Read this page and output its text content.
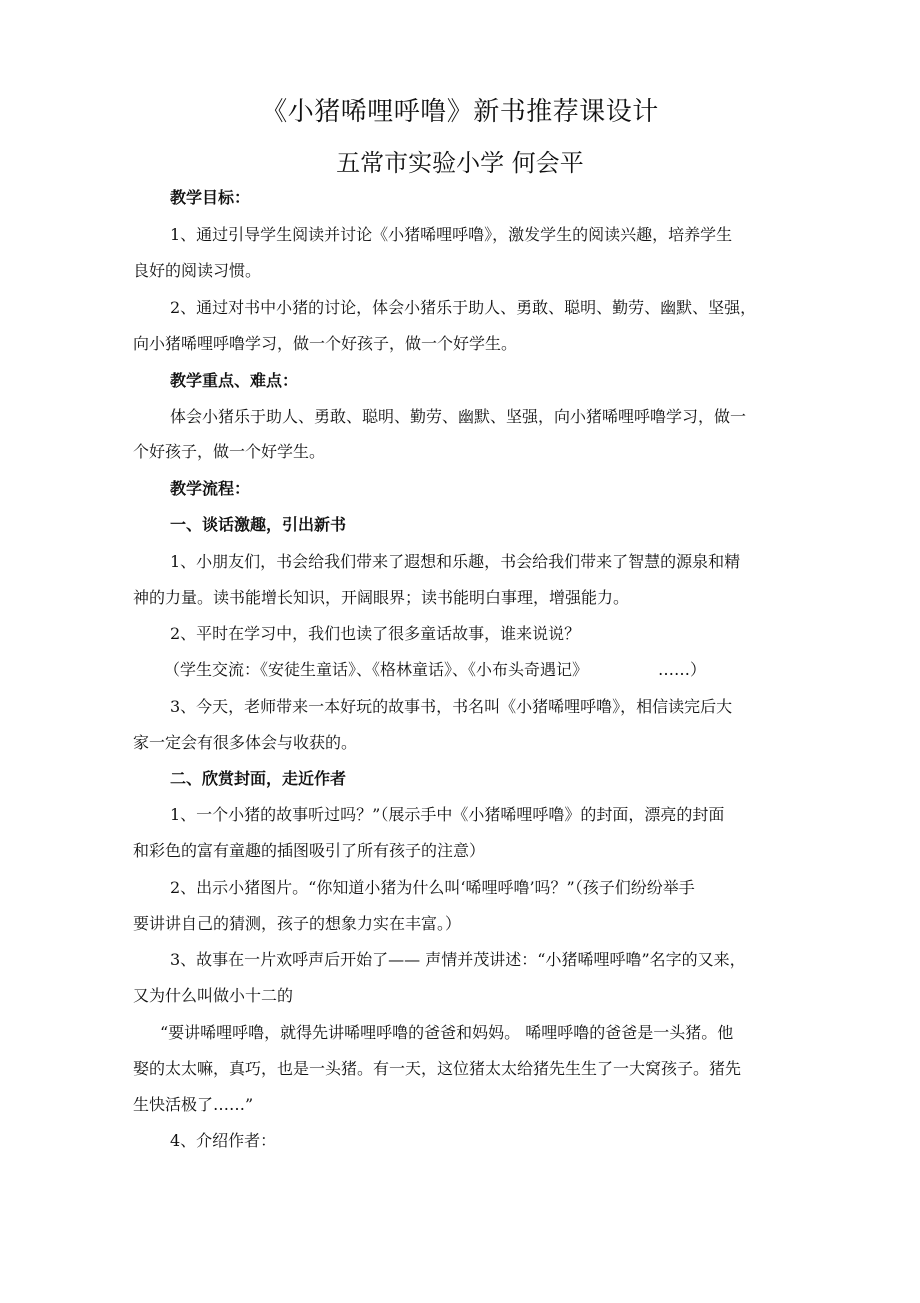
《小猪唏哩呼噜》新书推荐课设计
五常市实验小学 何会平
教学目标：
1、通过引导学生阅读并讨论《小猪唏哩呼噜》，激发学生的阅读兴趣，培养学生
良好的阅读习惯。
2、通过对书中小猪的讨论，体会小猪乐于助人、勇敢、聪明、勤劳、幽默、坚强，
向小猪唏哩呼噜学习，做一个好孩子，做一个好学生。
教学重点、难点：
体会小猪乐于助人、勇敢、聪明、勤劳、幽默、坚强，向小猪唏哩呼噜学习，做一
个好孩子，做一个好学生。
教学流程：
一、谈话激趣，引出新书
1、小朋友们，书会给我们带来了遐想和乐趣，书会给我们带来了智慧的源泉和精
神的力量。读书能增长知识，开阔眼界；读书能明白事理，增强能力。
2、平时在学习中，我们也读了很多童话故事，谁来说说？
（学生交流：《安徒生童话》、《格林童话》、《小布头奇遇记》	……）
3、今天，老师带来一本好玩的故事书，书名叫《小猪唏哩呼噜》，相信读完后大
家一定会有很多体会与收获的。
二、欣赏封面，走近作者
1、一个小猪的故事听过吗？”（展示手中《小猪唏哩呼噜》的封面，漂亮的封面
和彩色的富有童趣的插图吸引了所有孩子的注意）
2、出示小猪图片。“你知道小猪为什么叫‘唏哩呼噜’吗？”（孩子们纷纷举手
要讲讲自己的猜测，孩子的想象力实在丰富。）
3、故事在一片欢呼声后开始了—— 声情并茂讲述：“小猪唏哩呼噜”名字的又来，
又为什么叫做小十二的
“要讲唏哩呼噜，就得先讲唏哩呼噜的爸爸和妈妈。 唏哩呼噜的爸爸是一头猪。他
娶的太太嘛，真巧，也是一头猪。有一天，这位猪太太给猪先生生了一大窝孩子。猪先
生快活极了……”
4、介绍作者：
